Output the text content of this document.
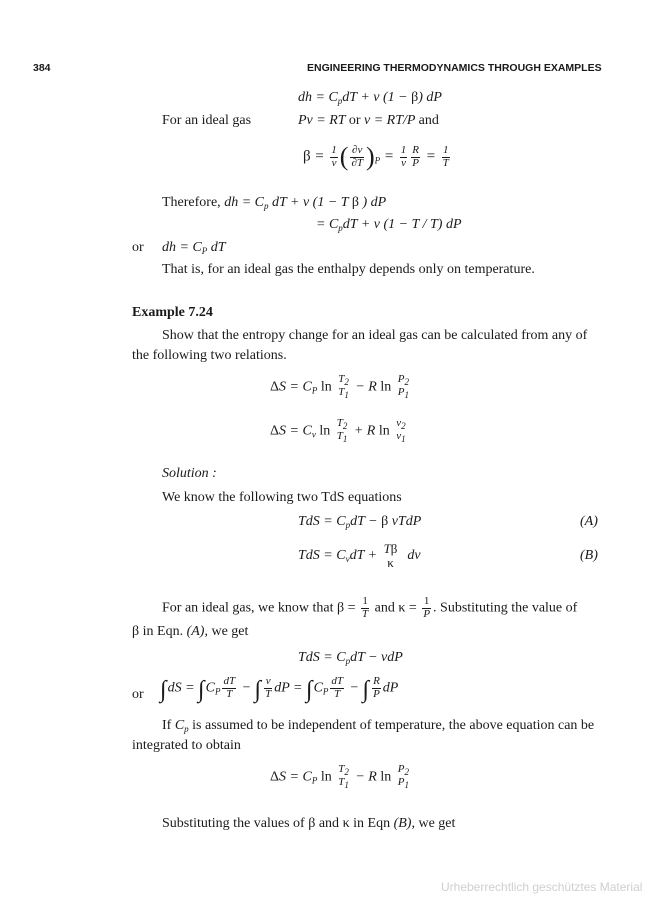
384	ENGINEERING THERMODYNAMICS THROUGH EXAMPLES
dh = $C_pdT + v$ (1 − β) dP
For an ideal gas	Pv = RT or v = RT/P and
$\beta = \frac{1}{v}$ ( $\frac{\partial v}{\partial T} )_P = \frac{1}{v} \frac{R}{P} = \frac{1}{T}$
Therefore, dh = $C_p$ dT + v (1 − T β ) dP
= $C_pdT + v$ (1 − T / T) dP
or dh = $C_P$ dT
That is, for an ideal gas the enthalpy depends only on temperature.
Example 7.24
Show that the entropy change for an ideal gas can be calculated from any of
the following two relations.
$\Delta S = C_P$ ln
$T_2$
$T_1$
− R ln
$P_2$
$P_1$
$\Delta S = C_v$ ln
$T_2$
$T_1$
+ R ln
$v_2$
$v_1$
Solution :
We know the following two TdS equations
TdS = $C_pdT - \beta$ vTdP	(A)
TdS = $C_vdT + T\beta$
κ dv	(B)
For an ideal gas, we know that $\beta = \frac{1}{T}$ and $\kappa = \frac{1}{P}$ . Substituting the value of
β in Eqn. (A), we get
TdS = $C_pdT$ − vdP
or $\int dS = \int C_P \frac{dT}{T}$ − ∫ $\frac{v}{T}$ dP = $\int C_P \frac{dT}{T}$ − ∫ $\frac{R}{P}$ dP
If $C_p$ is assumed to be independent of temperature, the above equation can be
integrated to obtain
$\Delta S = C_P$ ln
$T_2$
$T_1$
− R ln
$P_2$
$P_1$
Substituting the values of β and κ in Eqn (B), we get
Urheberrechtlich geschütztes Material
